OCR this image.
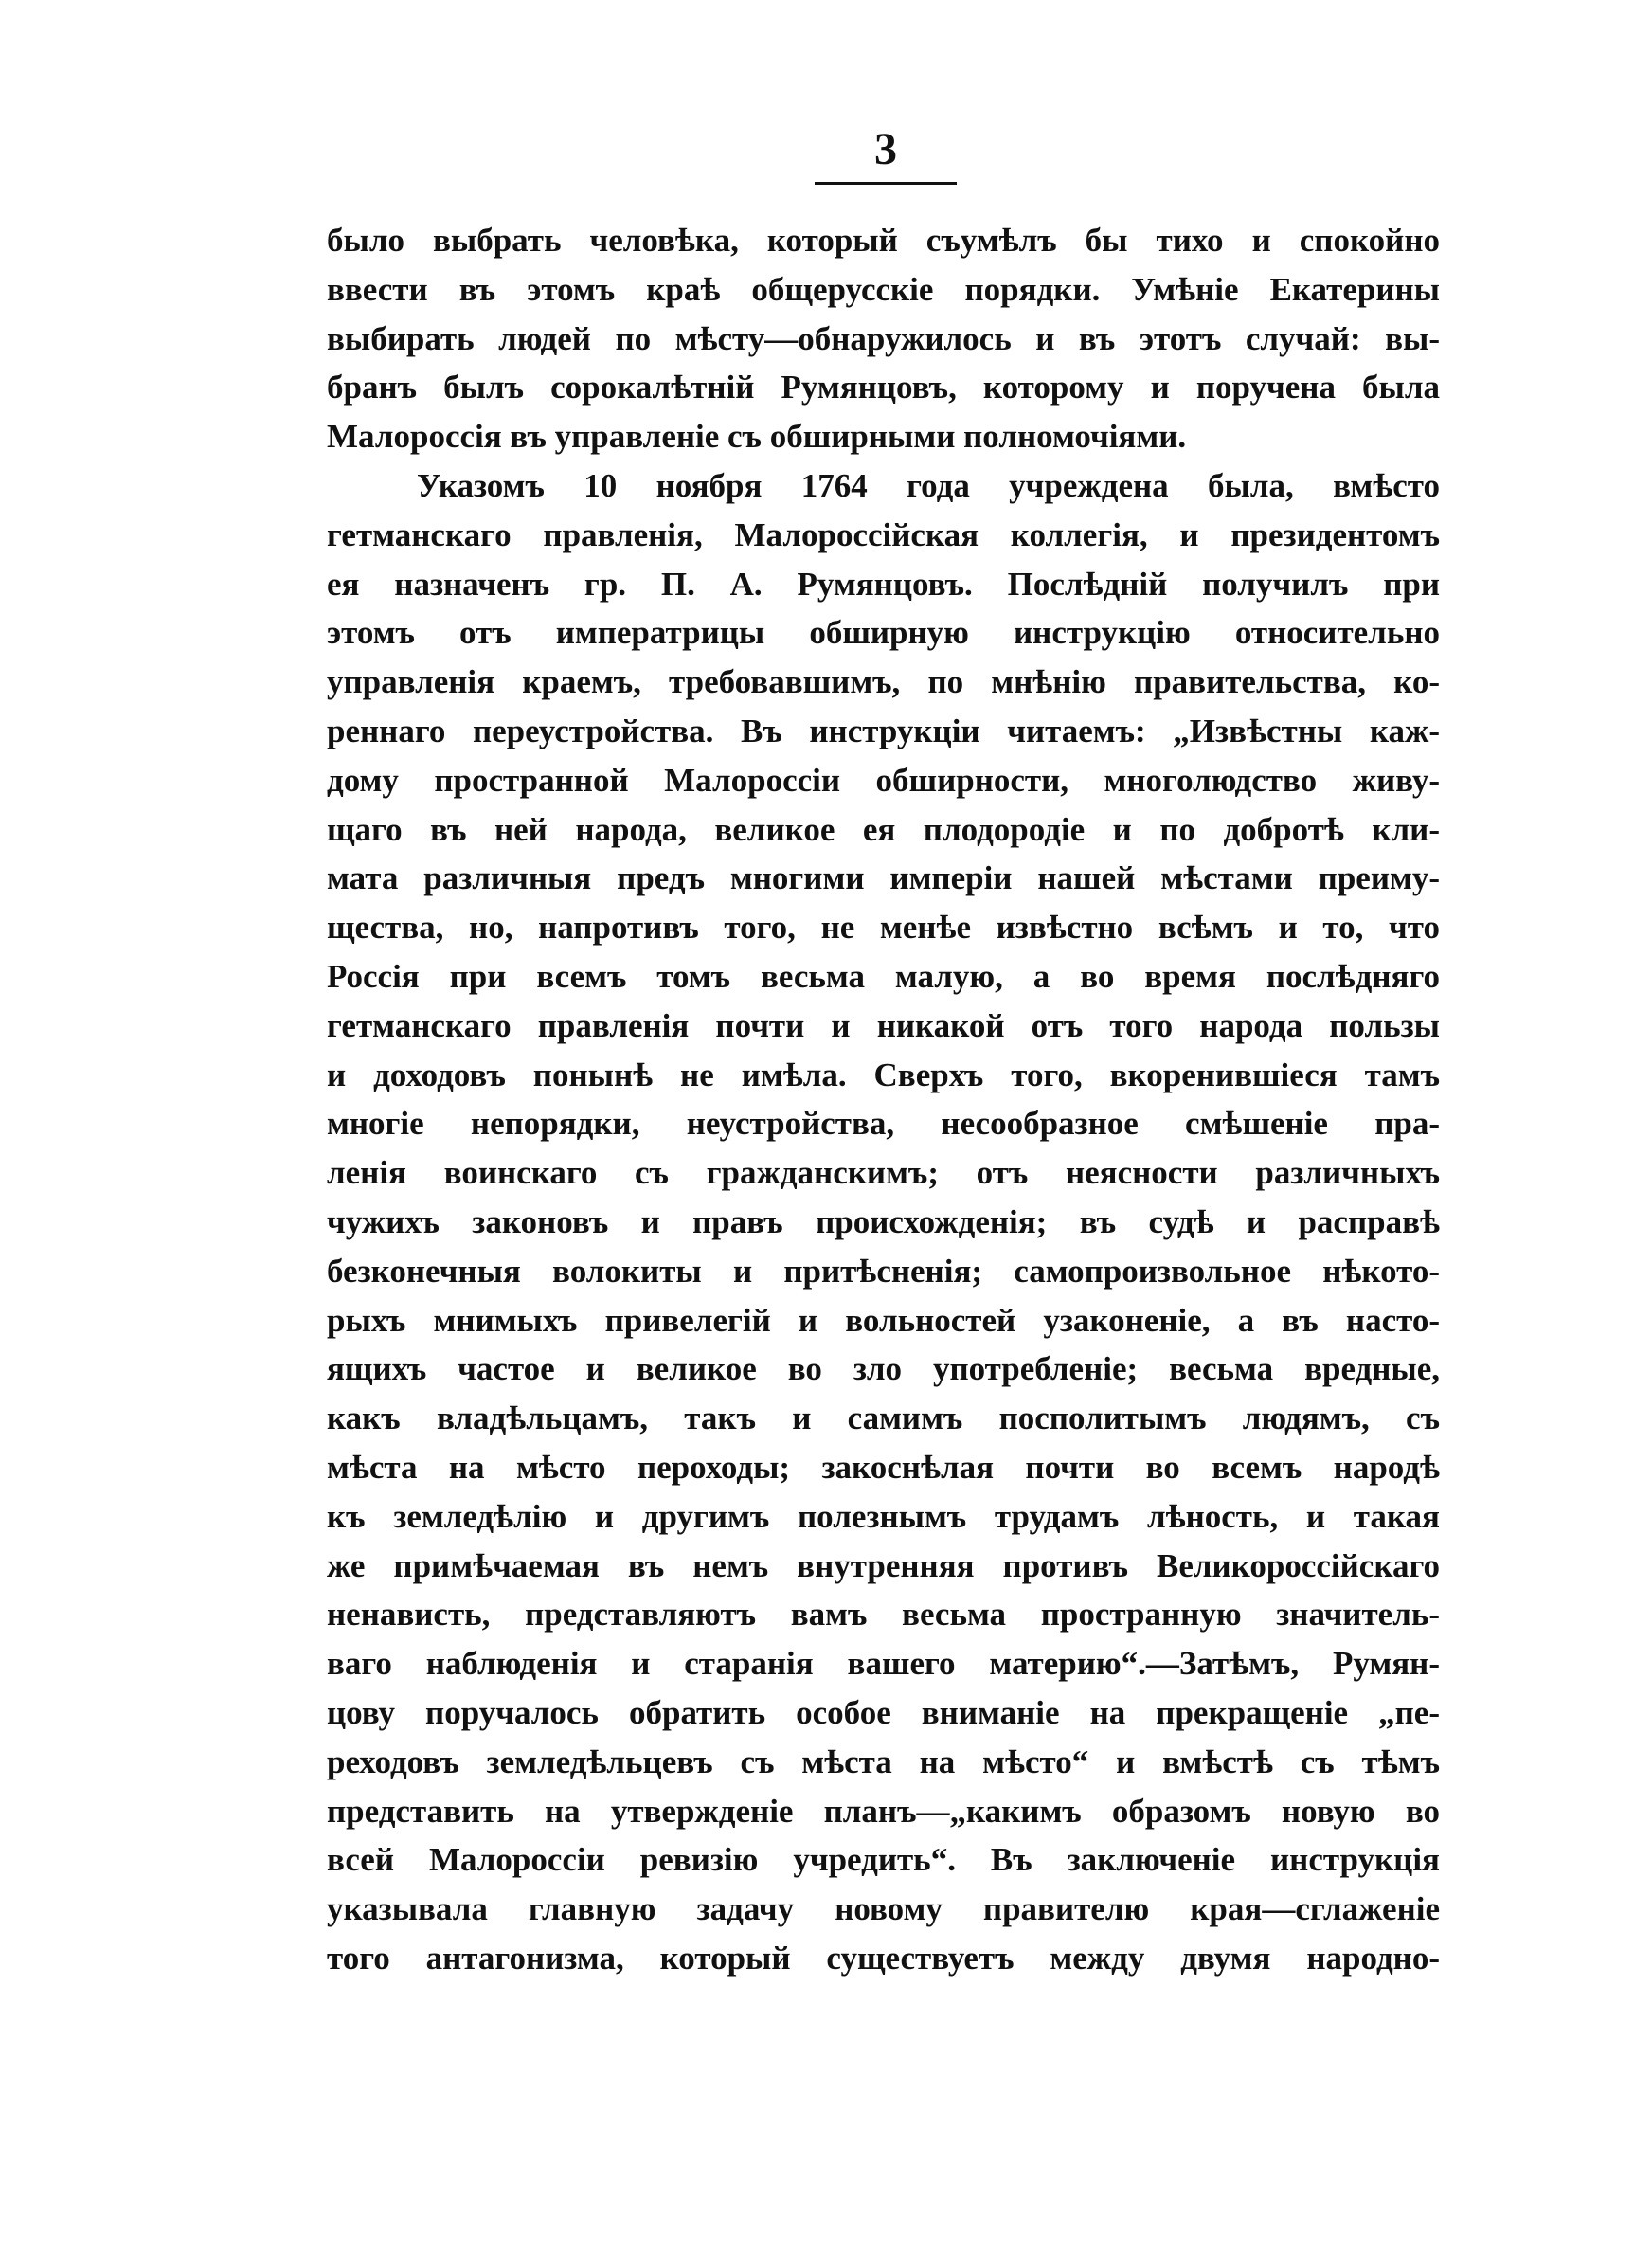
3
было выбрать человѣка, который съумѣлъ бы тихо и спокойно
ввести въ этомъ краѣ общерусскіе порядки. Умѣніе Екатерины
выбирать людей по мѣсту—обнаружилось и въ этотъ случай: вы-
бранъ былъ сорокалѣтній Румянцовъ, которому и поручена была
Малороссія въ управленіе съ обширными полномочіями.
Указомъ 10 ноября 1764 года учреждена была, вмѣсто
гетманскаго правленія, Малороссійская коллегія, и президентомъ
ея назначенъ гр. П. А. Румянцовъ. Послѣдній получилъ при
этомъ отъ императрицы обширную инструкцію относительно
управленія краемъ, требовавшимъ, по мнѣнію правительства, ко-
реннаго переустройства. Въ инструкціи читаемъ: „Извѣстны каж-
дому пространной Малороссіи обширности, многолюдство живу-
щаго въ ней народа, великое ея плодородіе и по добротѣ кли-
мата различныя предъ многими имперіи нашей мѣстами преиму-
щества, но, напротивъ того, не менѣе извѣстно всѣмъ и то, что
Россія при всемъ томъ весьма малую, а во время послѣдняго
гетманскаго правленія почти и никакой отъ того народа пользы
и доходовъ понынѣ не имѣла. Сверхъ того, вкоренившіеся тамъ
многіе непорядки, неустройства, несообразное смѣшеніе пра-
ленія воинскаго съ гражданскимъ; отъ неясности различныхъ
чужихъ законовъ и правъ происхожденія; въ судѣ и расправѣ
безконечныя волокиты и притѣсненія; самопроизвольное нѣкото-
рыхъ мнимыхъ привелегій и вольностей узаконеніе, а въ насто-
ящихъ частое и великое во зло употребленіе; весьма вредные,
какъ владѣльцамъ, такъ и самимъ посполитымъ людямъ, съ
мѣста на мѣсто пероходы; закоснѣлая почти во всемъ народѣ
къ земледѣлію и другимъ полезнымъ трудамъ лѣность, и такая
же примѣчаемая въ немъ внутренняя противъ Великороссійскаго
ненависть, представляютъ вамъ весьма пространную значитель-
ваго наблюденія и старанія вашего материю“.—Затѣмъ, Румян-
цову поручалось обратить особое вниманіе на прекращеніе „пе-
реходовъ земледѣльцевъ съ мѣста на мѣсто“ и вмѣстѣ съ тѣмъ
представить на утвержденіе планъ—„какимъ образомъ новую во
всей Малороссіи ревизію учредить“. Въ заключеніе инструкція
указывала главную задачу новому правителю края—сглаженіе
того антагонизма, который существуетъ между двумя народно-
